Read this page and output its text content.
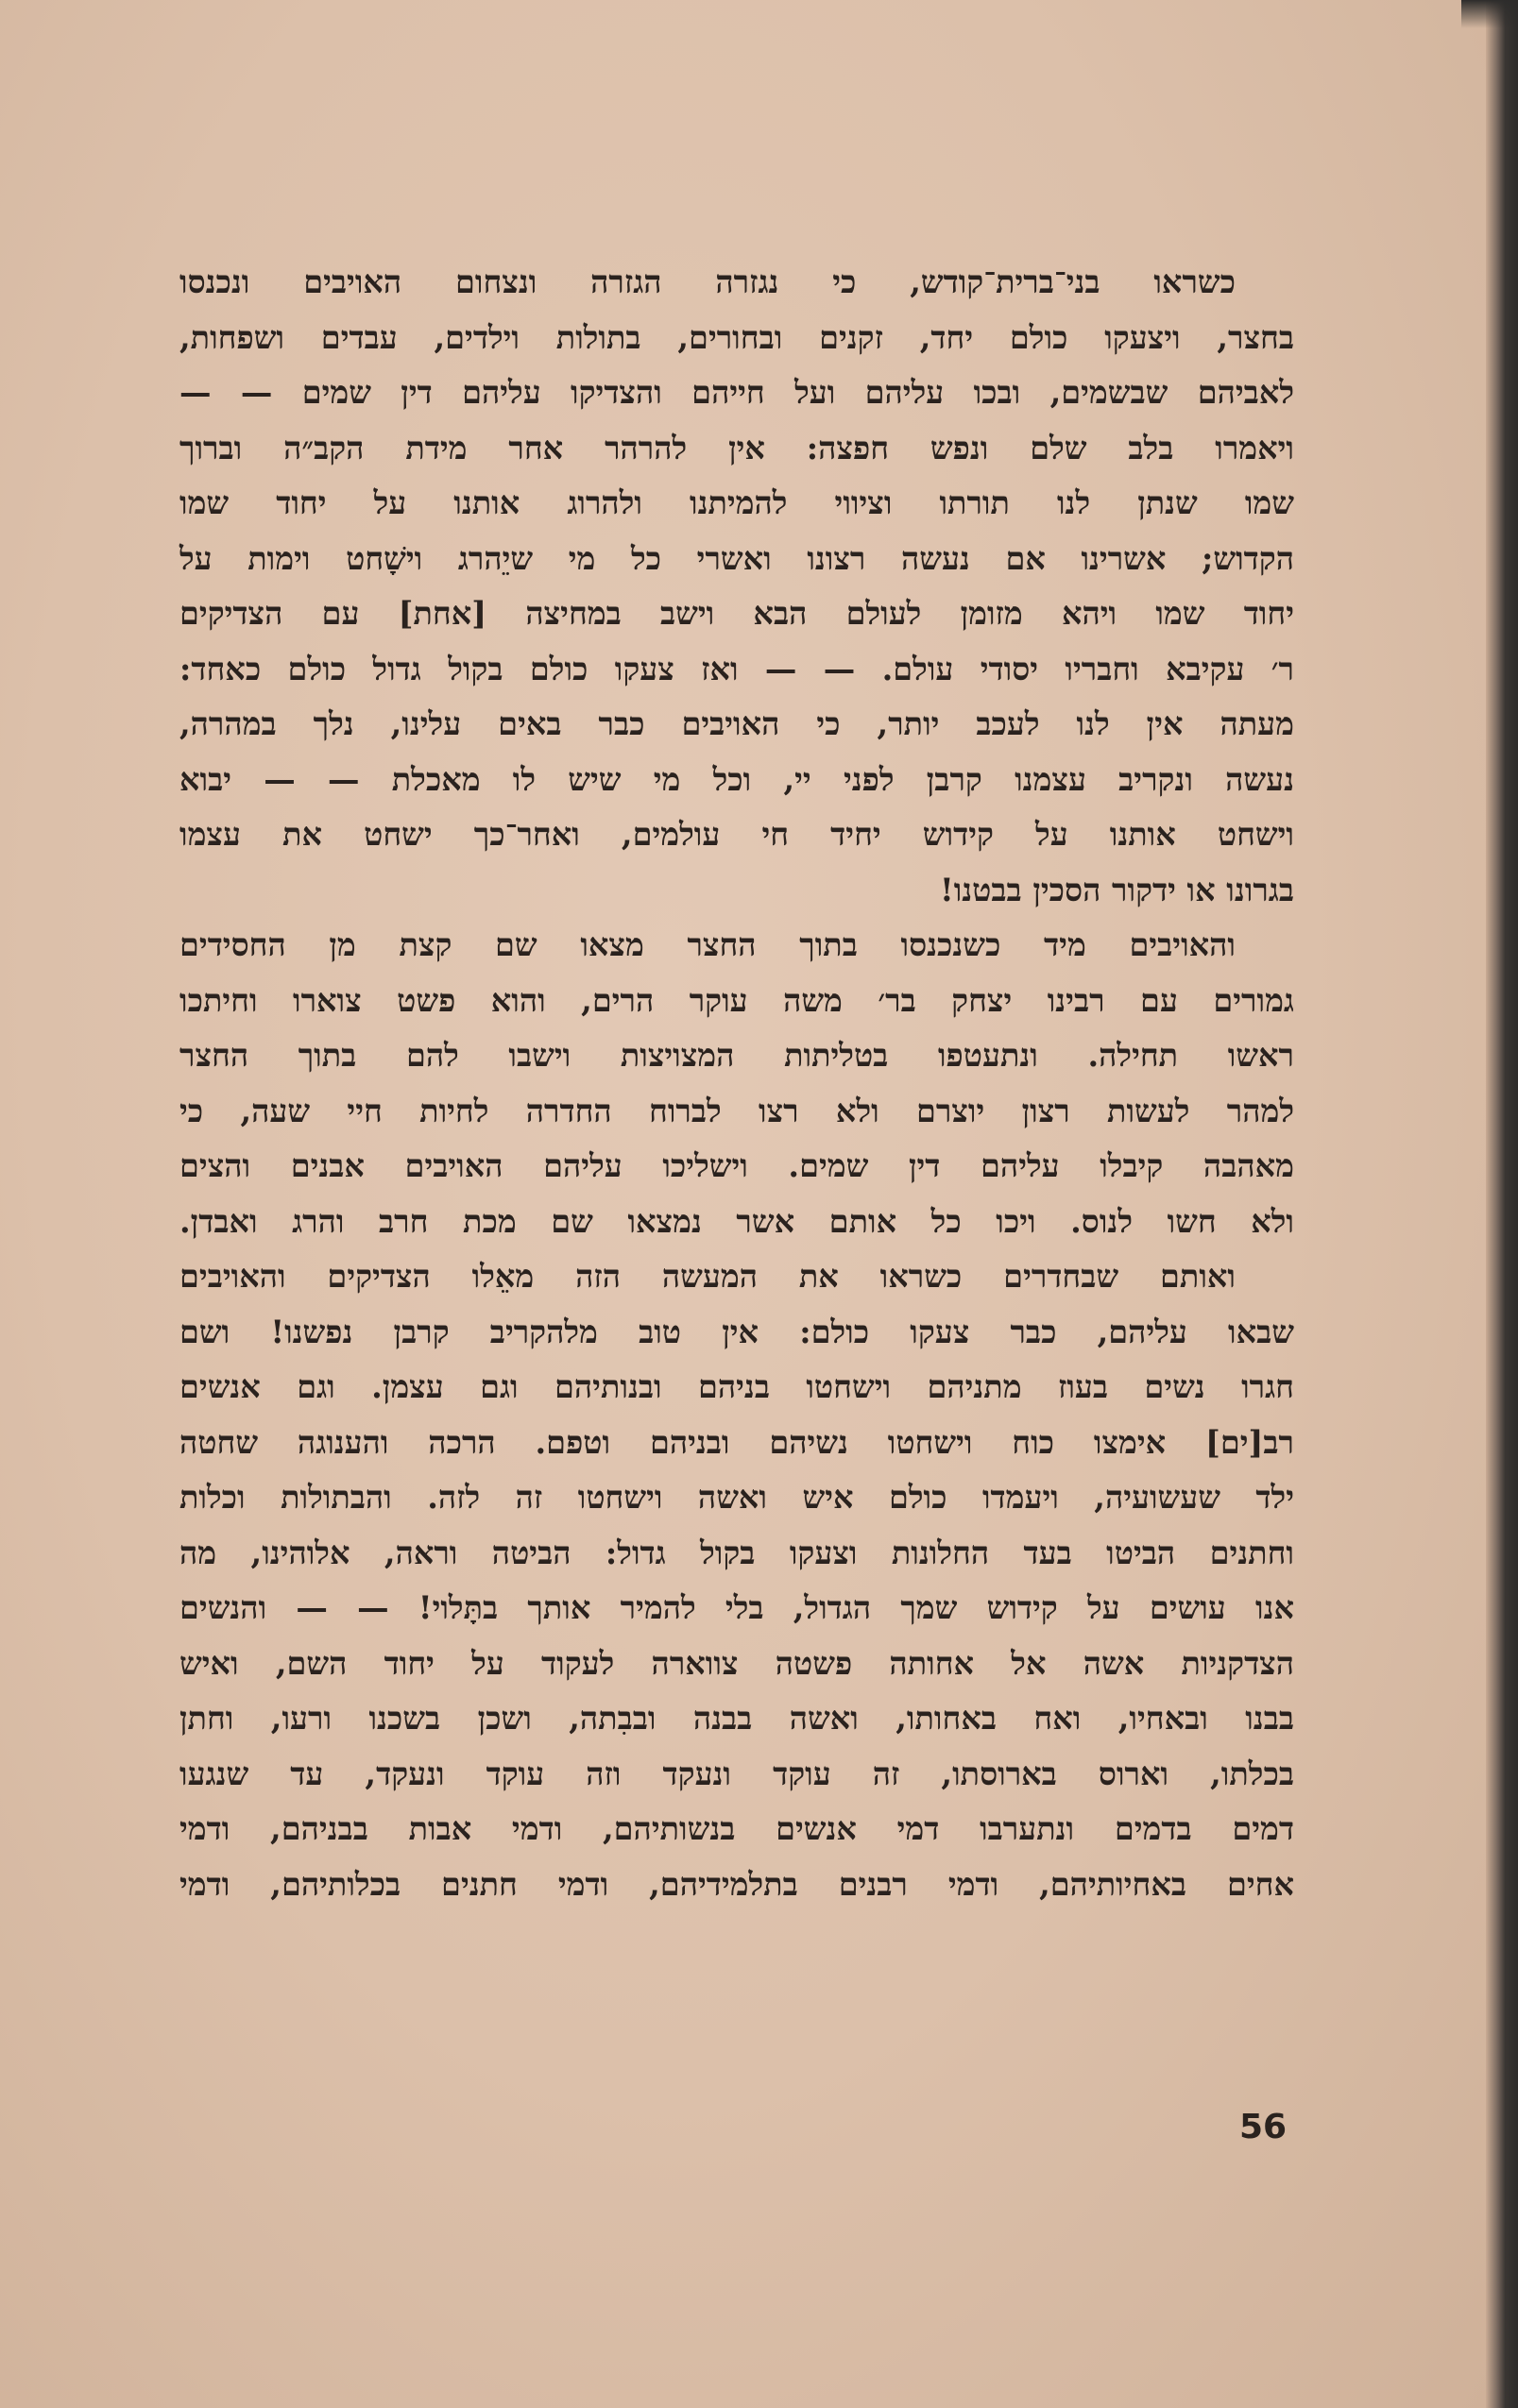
כשראו בני־ברית־קודש, כי נגזרה הגזרה ונצחום האויבים ונכנסו
בחצר, ויצעקו כולם יחד, זקנים ובחורים, בתולות וילדים, עבדים ושפחות,
לאביהם שבשמים, ובכו עליהם ועל חייהם והצדיקו עליהם דין שמים — —
ויאמרו בלב שלם ונפש חפצה: אין להרהר אחר מידת הקב״ה וברוך
שמו שנתן לנו תורתו וציווי להמיתנו ולהרוג אותנו על יחוד שמו
הקדוש; אשרינו אם נעשה רצונו ואשרי כל מי שיֵהרג וישָׁחט וימות על
יחוד שמו ויהא מזומן לעולם הבא וישב במחיצה [אחת] עם הצדיקים
ר׳ עקיבא וחבריו יסודי עולם. — — ואז צעקו כולם בקול גדול כולם כאחד:
מעתה אין לנו לעכב יותר, כי האויבים כבר באים עלינו, נלך במהרה,
נעשה ונקריב עצמנו קרבן לפני יי, וכל מי שיש לו מאכלת — — יבוא
וישחט אותנו על קידוש יחיד חי עולמים, ואחר־כך ישחט את עצמו
בגרונו או ידקור הסכין בבטנו!
והאויבים מיד כשנכנסו בתוך החצר מצאו שם קצת מן החסידים
גמורים עם רבינו יצחק בר׳ משה עוקר הרים, והוא פשט צוארו וחיתכו
ראשו תחילה. ונתעטפו בטליתות המצויצות וישבו להם בתוך החצר
למהר לעשות רצון יוצרם ולא רצו לברוח החדרה לחיות חיי שעה, כי
מאהבה קיבלו עליהם דין שמים. וישליכו עליהם האויבים אבנים והצים
ולא חשו לנוס. ויכו כל אותם אשר נמצאו שם מכת חרב והרג ואבדן.
ואותם שבחדרים כשראו את המעשה הזה מאֵלו הצדיקים והאויבים
שבאו עליהם, כבר צעקו כולם: אין טוב מלהקריב קרבן נפשנו! ושם
חגרו נשים בעוז מתניהם וישחטו בניהם ובנותיהם וגם עצמן. וגם אנשים
רב[ים] אימצו כוח וישחטו נשיהם ובניהם וטפם. הרכה והענוגה שחטה
ילד שעשועיה, ויעמדו כולם איש ואשה וישחטו זה לזה. והבתולות וכלות
וחתנים הביטו בעד החלונות וצעקו בקול גדול: הביטה וראה, אלוהינו, מה
אנו עושים על קידוש שמך הגדול, בלי להמיר אותך בתָּלוי! — — והנשים
הצדקניות אשה אל אחותה פשטה צווארה לעקוד על יחוד השם, ואיש
בבנו ובאחיו, ואח באחותו, ואשה בבנה ובבִתה, ושכן בשכנו ורעו, וחתן
בכלתו, וארוס בארוסתו, זה עוקד ונעקד וזה עוקד ונעקד, עד שנגעו
דמים בדמים ונתערבו דמי אנשים בנשותיהם, ודמי אבות בבניהם, ודמי
אחים באחיותיהם, ודמי רבנים בתלמידיהם, ודמי חתנים בכלותיהם, ודמי
56
